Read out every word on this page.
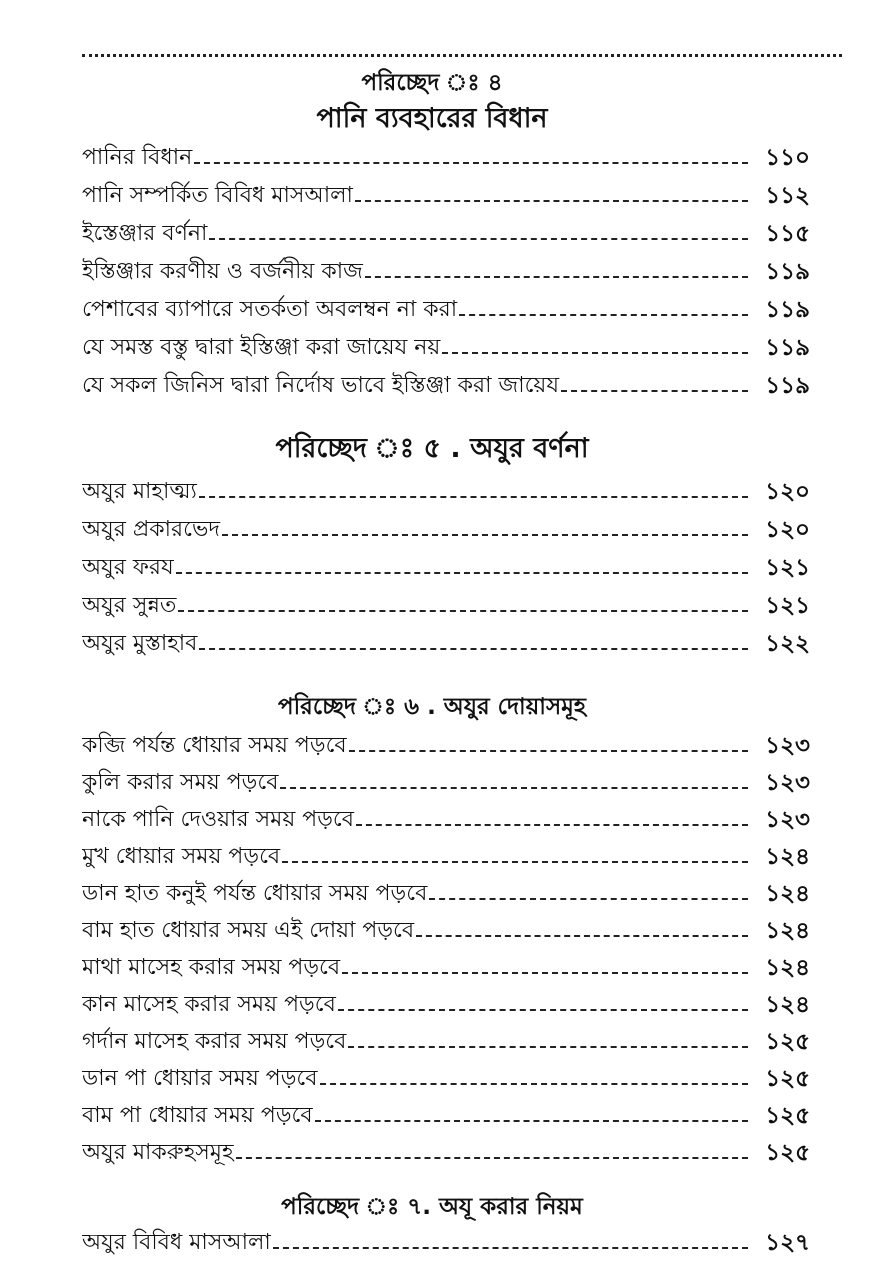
পরিচ্ছেদ ঃ ৪
পানি ব্যবহারের বিধান
পানির বিধান	১১০
পানি সম্পর্কিত বিবিধ মাসআলা	১১২
ইস্তেঞ্জার বর্ণনা	১১৫
ইস্তিঞ্জার করণীয় ও বর্জনীয় কাজ	১১৯
পেশাবের ব্যাপারে সতর্কতা অবলম্বন না করা	১১৯
যে সমস্ত বস্তু দ্বারা ইস্তিঞ্জা করা জায়েয নয়	১১৯
যে সকল জিনিস দ্বারা নির্দোষ ভাবে ইস্তিঞ্জা করা জায়েয	১১৯
পরিচ্ছেদ ঃ ৫ . অযুর বর্ণনা
অযুর মাহাত্ম্য	১২০
অযুর প্রকারভেদ	১২০
অযুর ফরয	১২১
অযুর সুন্নত	১২১
অযুর মুস্তাহাব	১২২
পরিচ্ছেদ ঃ ৬ . অযুর দোয়াসমূহ
কব্জি পর্যন্ত ধোয়ার সময় পড়বে	১২৩
কুলি করার সময় পড়বে	১২৩
নাকে পানি দেওয়ার সময় পড়বে	১২৩
মুখ ধোয়ার সময় পড়বে	১২৪
ডান হাত কনুই পর্যন্ত ধোয়ার সময় পড়বে	১২৪
বাম হাত ধোয়ার সময় এই দোয়া পড়বে	১২৪
মাথা মাসেহ করার সময় পড়বে	১২৪
কান মাসেহ করার সময় পড়বে	১২৪
গর্দান মাসেহ করার সময় পড়বে	১২৫
ডান পা ধোয়ার সময় পড়বে	১২৫
বাম পা ধোয়ার সময় পড়বে	১২৫
অযুর মাকরুহসমূহ	১২৫
পরিচ্ছেদ ঃ ৭. অযূ করার নিয়ম
অযুর বিবিধ মাসআলা	১২৭
